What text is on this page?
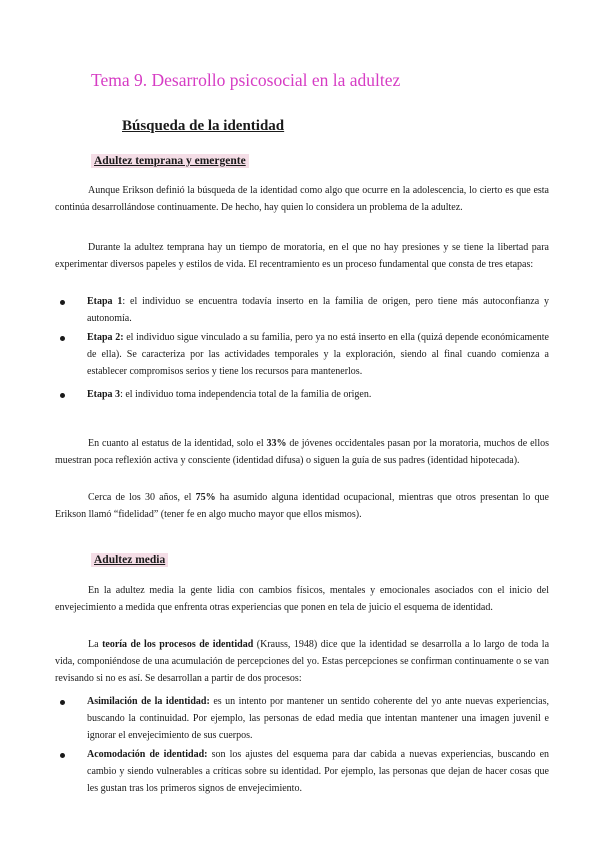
Tema 9. Desarrollo psicosocial en la adultez
Búsqueda de la identidad
Adultez temprana y emergente

Aunque Erikson definió la búsqueda de la identidad como algo que ocurre en la adolescencia, lo cierto es que esta continúa desarrollándose continuamente. De hecho, hay quien lo considera un problema de la adultez.

Durante la adultez temprana hay un tiempo de moratoria, en el que no hay presiones y se tiene la libertad para experimentar diversos papeles y estilos de vida. El recentramiento es un proceso fundamental que consta de tres etapas:

Etapa 1: el individuo se encuentra todavía inserto en la familia de origen, pero tiene más autoconfianza y autonomía.
Etapa 2: el individuo sigue vinculado a su familia, pero ya no está inserto en ella (quizá depende económicamente de ella). Se caracteriza por las actividades temporales y la exploración, siendo al final cuando comienza a establecer compromisos serios y tiene los recursos para mantenerlos.
Etapa 3: el individuo toma independencia total de la familia de origen.

En cuanto al estatus de la identidad, solo el 33% de jóvenes occidentales pasan por la moratoria, muchos de ellos muestran poca reflexión activa y consciente (identidad difusa) o siguen la guía de sus padres (identidad hipotecada).

Cerca de los 30 años, el 75% ha asumido alguna identidad ocupacional, mientras que otros presentan lo que Erikson llamó “fidelidad” (tener fe en algo mucho mayor que ellos mismos).

Adultez media

En la adultez media la gente lidia con cambios físicos, mentales y emocionales asociados con el inicio del envejecimiento a medida que enfrenta otras experiencias que ponen en tela de juicio el esquema de identidad.

La teoría de los procesos de identidad (Krauss, 1948) dice que la identidad se desarrolla a lo largo de toda la vida, componiéndose de una acumulación de percepciones del yo. Estas percepciones se confirman continuamente o se van revisando si no es así. Se desarrollan a partir de dos procesos:

Asimilación de la identidad: es un intento por mantener un sentido coherente del yo ante nuevas experiencias, buscando la continuidad. Por ejemplo, las personas de edad media que intentan mantener una imagen juvenil e ignorar el envejecimiento de sus cuerpos.
Acomodación de identidad: son los ajustes del esquema para dar cabida a nuevas experiencias, buscando en cambio y siendo vulnerables a críticas sobre su identidad. Por ejemplo, las personas que dejan de hacer cosas que les gustan tras los primeros signos de envejecimiento.
